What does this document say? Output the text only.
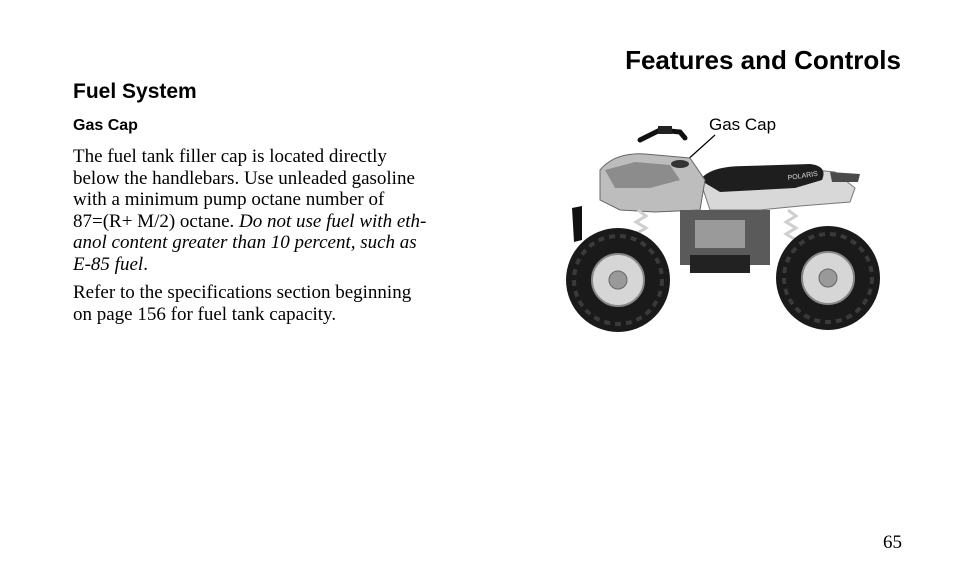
Features and Controls
Fuel System
Gas Cap

The fuel tank filler cap is located directly
below the handlebars. Use unleaded gasoline
with a minimum pump octane number of
87=(R+ M/2) octane. Do not use fuel with eth-
anol content greater than 10 percent, such as
E-85 fuel.

Refer to the specifications section beginning
on page 156 for fuel tank capacity.

Gas Cap
POLARIS
65
